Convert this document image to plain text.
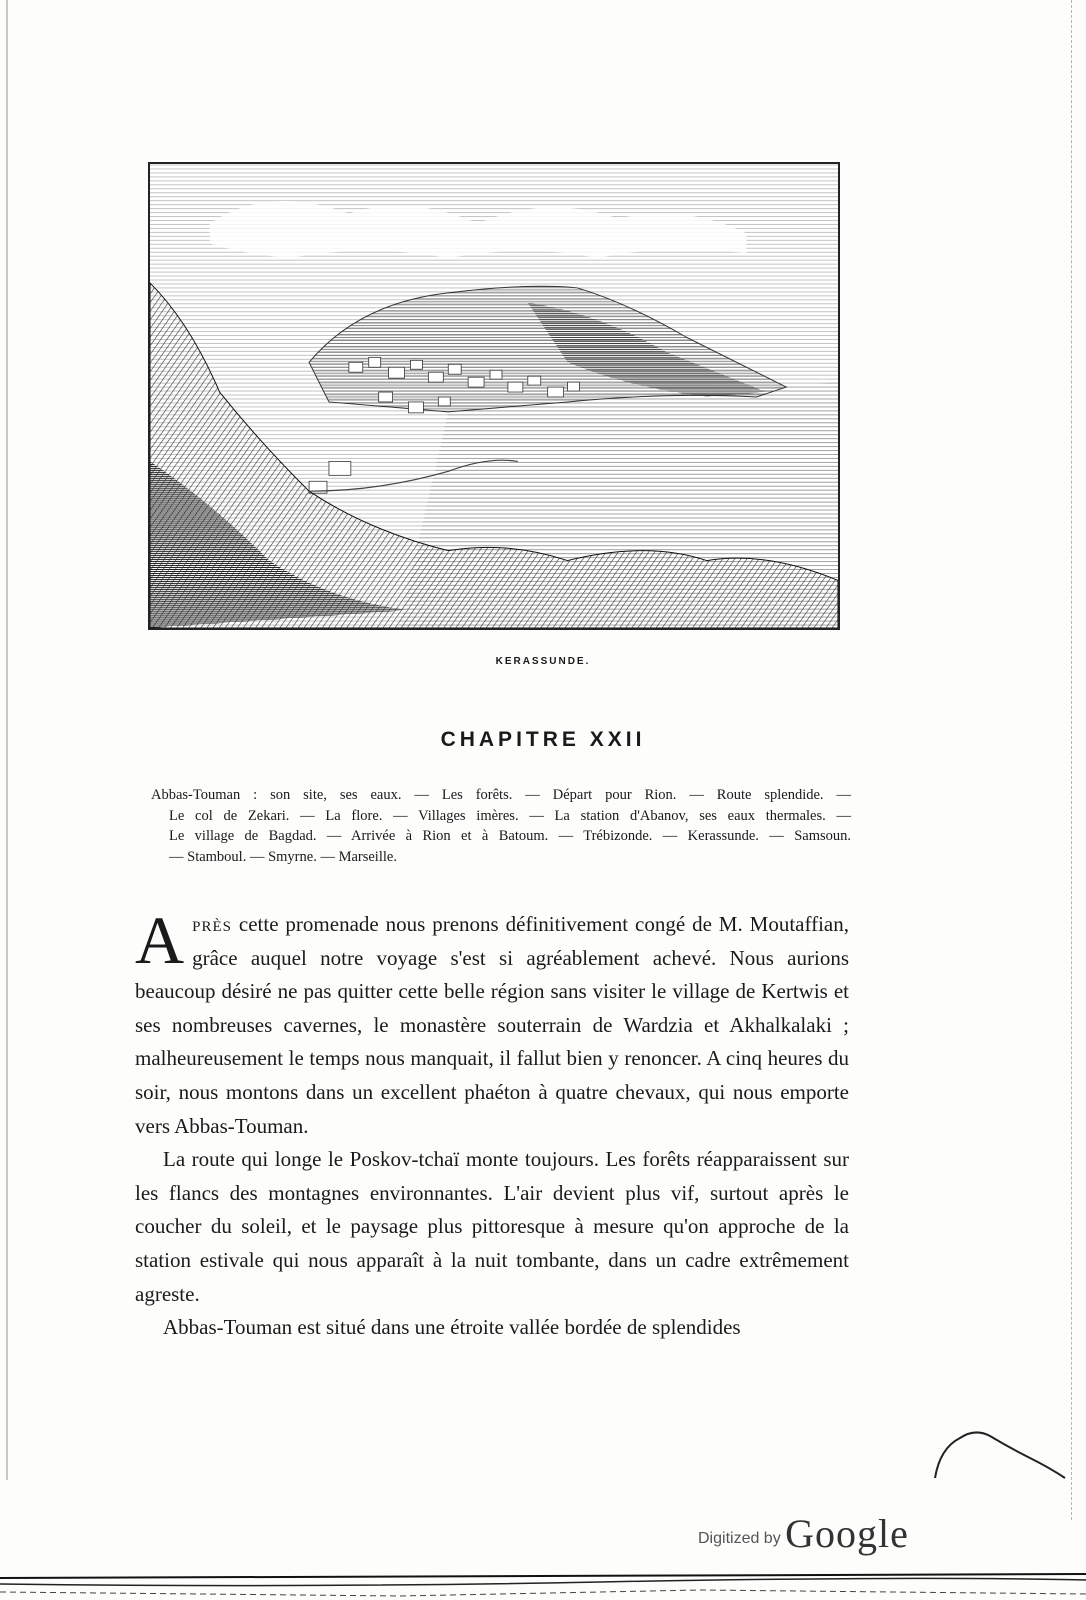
KERASSUNDE.
CHAPITRE XXII
Abbas-Touman : son site, ses eaux. — Les forêts. — Départ pour Rion. — Route splendide. —
Le col de Zekari. — La flore. — Villages imères. — La station d'Abanov, ses eaux thermales. —
Le village de Bagdad. — Arrivée à Rion et à Batoum. — Trébizonde. — Kerassunde. — Samsoun.
— Stamboul. — Smyrne. — Marseille.

Après cette promenade nous prenons définitivement congé de M. Moutaffian, grâce auquel notre voyage s'est si agréablement achevé. Nous aurions beaucoup désiré ne pas quitter cette belle région sans visiter le village de Kertwis et ses nombreuses cavernes, le monastère souterrain de Wardzia et Akhalkalaki ; malheureusement le temps nous manquait, il fallut bien y renoncer. A cinq heures du soir, nous montons dans un excellent phaéton à quatre chevaux, qui nous emporte vers Abbas-Touman.

La route qui longe le Poskov-tchaï monte toujours. Les forêts réapparaissent sur les flancs des montagnes environnantes. L'air devient plus vif, surtout après le coucher du soleil, et le paysage plus pittoresque à mesure qu'on approche de la station estivale qui nous apparaît à la nuit tombante, dans un cadre extrêmement agreste.

Abbas-Touman est situé dans une étroite vallée bordée de splendides

Digitized by Google
